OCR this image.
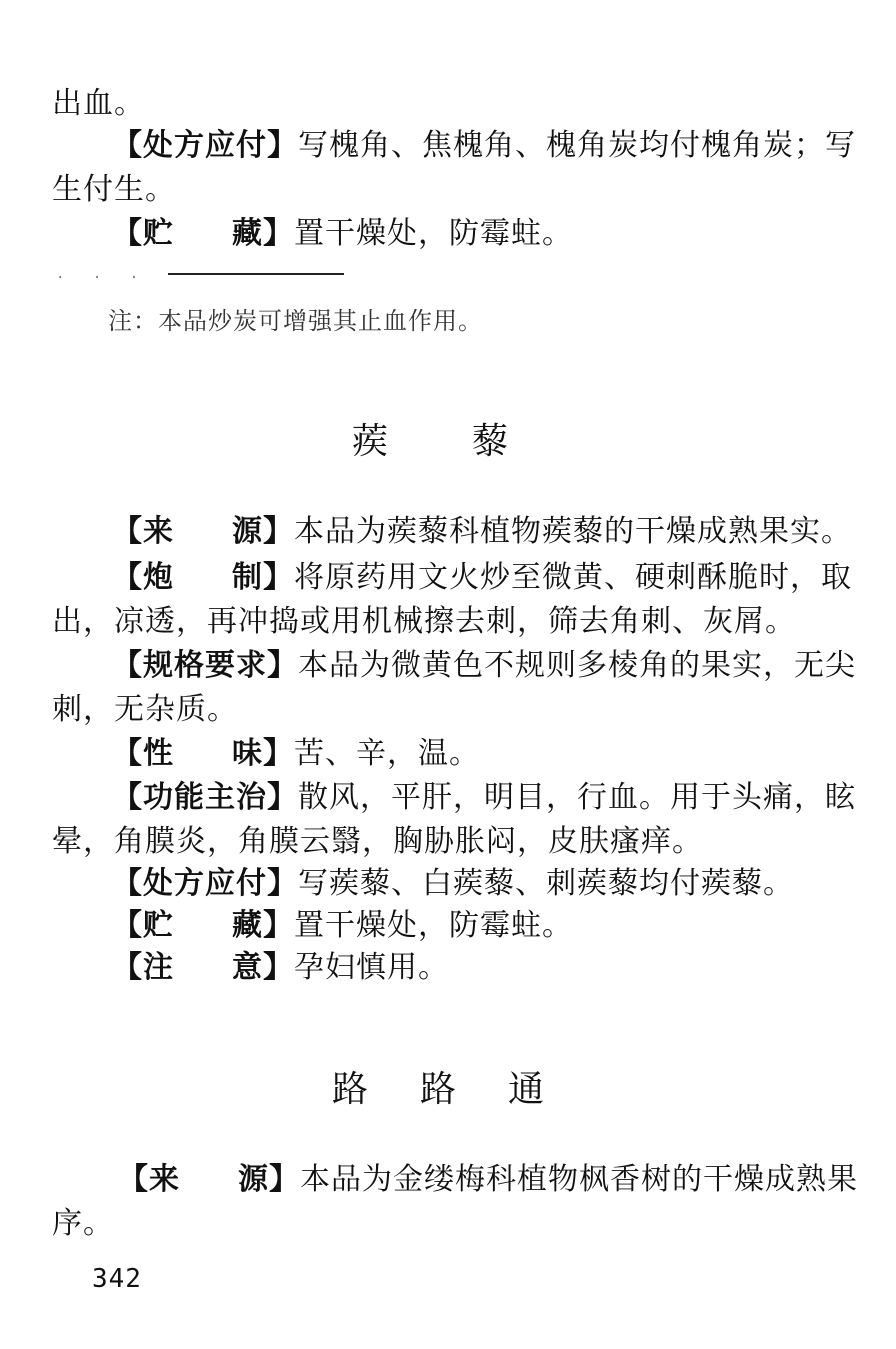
出血。
【处方应付】写槐角、焦槐角、槐角炭均付槐角炭；写
生付生。
【贮 藏】置干燥处，防霉蛀。
. . .
注：本品炒炭可增强其止血作用。
蒺 藜
【来 源】本品为蒺藜科植物蒺藜的干燥成熟果实。
【炮 制】将原药用文火炒至微黄、硬刺酥脆时，取
出，凉透，再冲捣或用机械擦去刺，筛去角刺、灰屑。
【规格要求】本品为微黄色不规则多棱角的果实，无尖
刺，无杂质。
【性 味】苦、辛，温。
【功能主治】散风，平肝，明目，行血。用于头痛，眩
晕，角膜炎，角膜云翳，胸胁胀闷，皮肤瘙痒。
【处方应付】写蒺藜、白蒺藜、刺蒺藜均付蒺藜。
【贮 藏】置干燥处，防霉蛀。
【注 意】孕妇慎用。
路 路 通
【来 源】本品为金缕梅科植物枫香树的干燥成熟果
序。
342
